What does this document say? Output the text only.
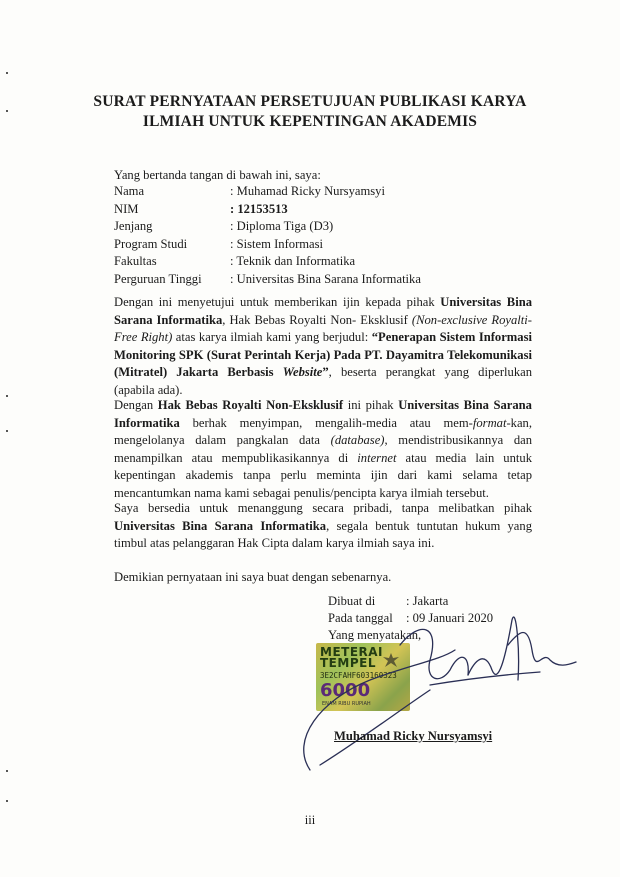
SURAT PERNYATAAN PERSETUJUAN PUBLIKASI KARYA
ILMIAH UNTUK KEPENTINGAN AKADEMIS
Yang bertanda tangan di bawah ini, saya:
Nama	: Muhamad Ricky Nursyamsyi
NIM	: 12153513
Jenjang	: Diploma Tiga (D3)
Program Studi	: Sistem Informasi
Fakultas	: Teknik dan Informatika
Perguruan Tinggi	: Universitas Bina Sarana Informatika
Dengan ini menyetujui untuk memberikan ijin kepada pihak Universitas Bina Sarana Informatika, Hak Bebas Royalti Non- Eksklusif (Non-exclusive Royalti-Free Right) atas karya ilmiah kami yang berjudul: “Penerapan Sistem Informasi Monitoring SPK (Surat Perintah Kerja) Pada PT. Dayamitra Telekomunikasi (Mitratel) Jakarta Berbasis Website”, beserta perangkat yang diperlukan (apabila ada).
Dengan Hak Bebas Royalti Non-Eksklusif ini pihak Universitas Bina Sarana Informatika berhak menyimpan, mengalih-media atau mem-format-kan, mengelolanya dalam pangkalan data (database), mendistribusikannya dan menampilkan atau mempublikasikannya di internet atau media lain untuk kepentingan akademis tanpa perlu meminta ijin dari kami selama tetap mencantumkan nama kami sebagai penulis/pencipta karya ilmiah tersebut.
Saya bersedia untuk menanggung secara pribadi, tanpa melibatkan pihak Universitas Bina Sarana Informatika, segala bentuk tuntutan hukum yang timbul atas pelanggaran Hak Cipta dalam karya ilmiah saya ini.
Demikian pernyataan ini saya buat dengan sebenarnya.
Dibuat di	: Jakarta
Pada tanggal	: 09 Januari 2020
Yang menyatakan,
METERAI
TEMPEL
3E2CFAHF603160323
6000
ENAM RIBU RUPIAH
Muhamad Ricky Nursyamsyi
iii
